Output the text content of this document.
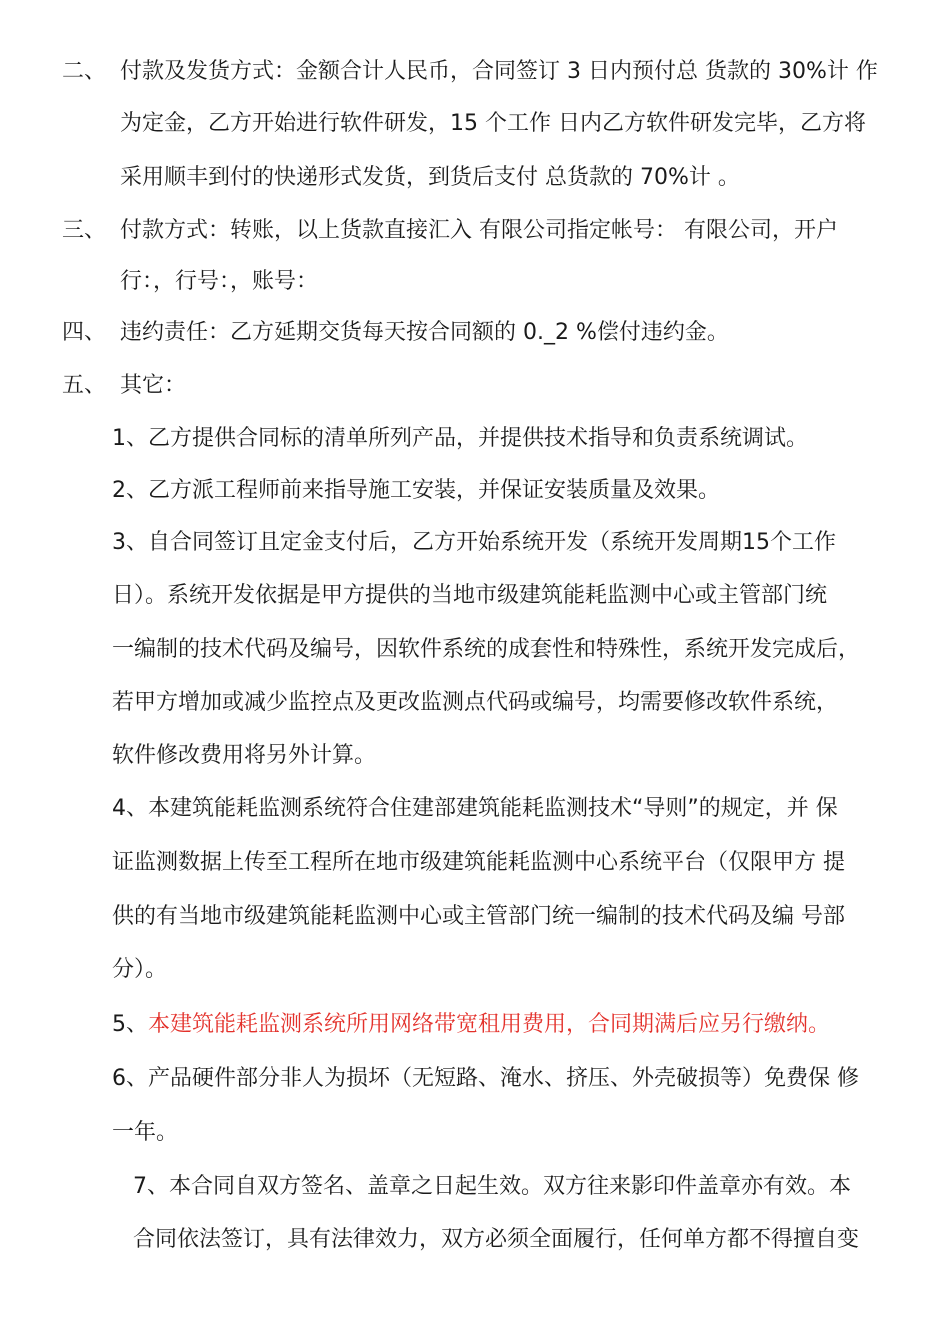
二、 付款及发货方式：金额合计人民币，合同签订 3 日内预付总 货款的 30%计 作
为定金，乙方开始进行软件研发，15 个工作 日内乙方软件研发完毕，乙方将
采用顺丰到付的快递形式发货，到货后支付 总货款的 70%计 。
三、 付款方式：转账，以上货款直接汇入 有限公司指定帐号： 有限公司，开户
行：，行号：，账号：
四、 违约责任：乙方延期交货每天按合同额的 0._2 %偿付违约金。
五、 其它：
1、乙方提供合同标的清单所列产品，并提供技术指导和负责系统调试。
2、乙方派工程师前来指导施工安装，并保证安装质量及效果。
3、自合同签订且定金支付后，乙方开始系统开发（系统开发周期15个工作
日）。系统开发依据是甲方提供的当地市级建筑能耗监测中心或主管部门统
一编制的技术代码及编号，因软件系统的成套性和特殊性，系统开发完成后，
若甲方增加或减少监控点及更改监测点代码或编号，均需要修改软件系统，
软件修改费用将另外计算。
4、本建筑能耗监测系统符合住建部建筑能耗监测技术“导则”的规定，并 保
证监测数据上传至工程所在地市级建筑能耗监测中心系统平台（仅限甲方 提
供的有当地市级建筑能耗监测中心或主管部门统一编制的技术代码及编 号部
分）。
5、本建筑能耗监测系统所用网络带宽租用费用，合同期满后应另行缴纳。
6、产品硬件部分非人为损坏（无短路、淹水、挤压、外壳破损等）免费保 修
一年。
7、本合同自双方签名、盖章之日起生效。双方往来影印件盖章亦有效。本
合同依法签订，具有法律效力，双方必须全面履行，任何单方都不得擅自变
